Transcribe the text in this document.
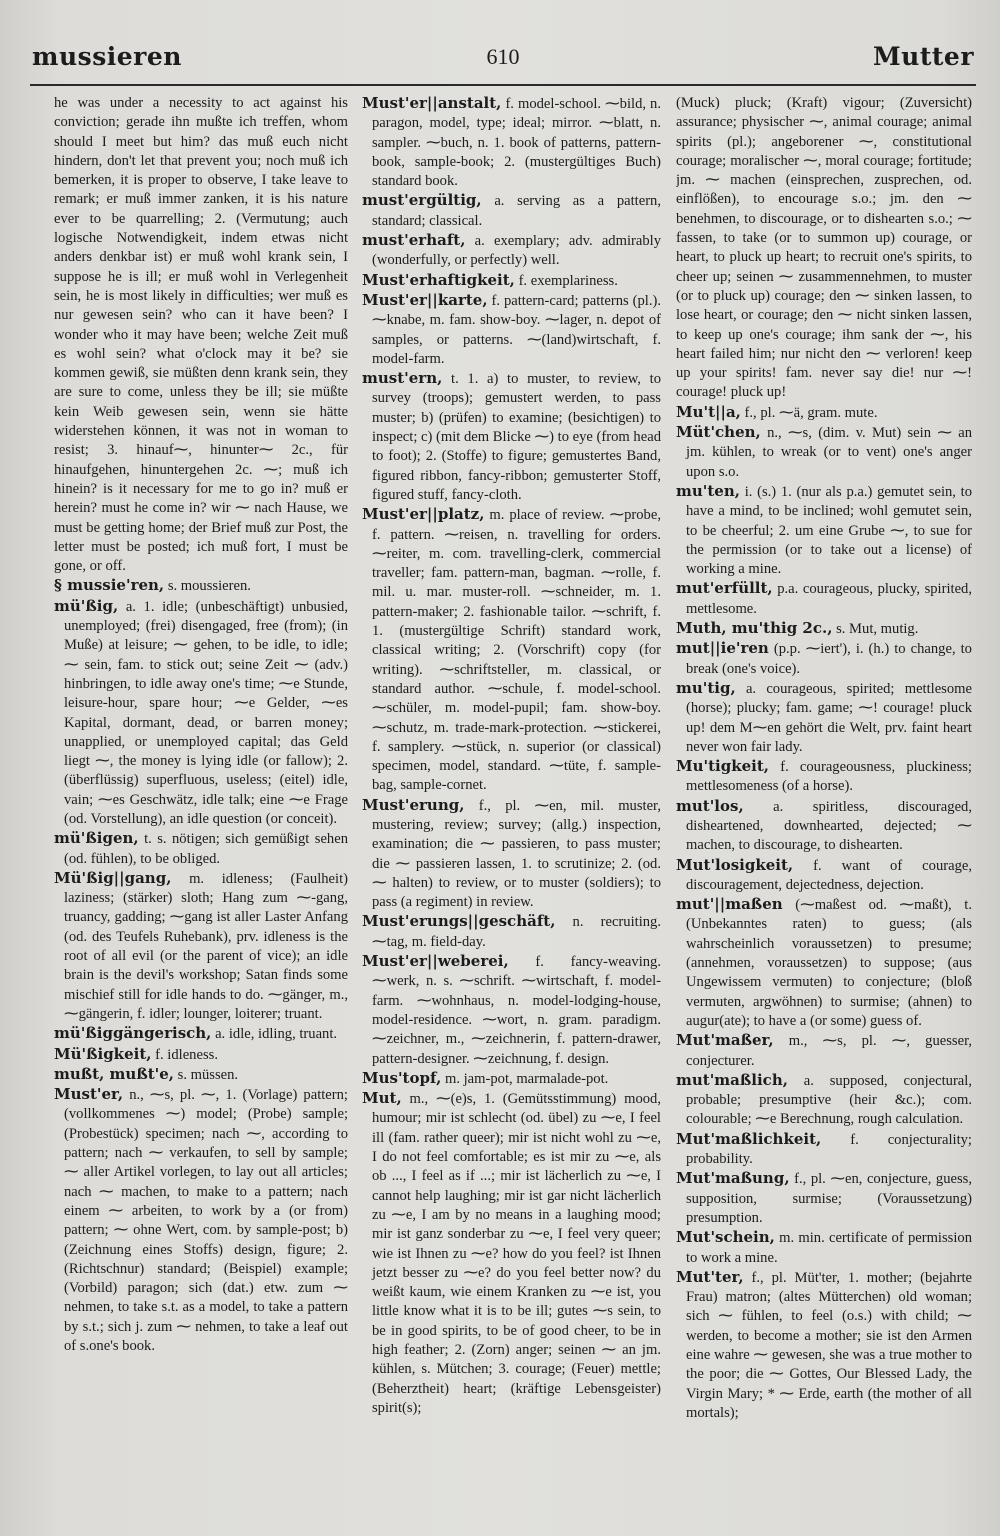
mussieren	610	Mutter

he was under a necessity to act against his conviction; gerade ihn mußte ich treffen, whom should I meet but him? das muß euch nicht hindern, don't let that prevent you; noch muß ich bemerken, it is proper to observe, I take leave to remark; er muß immer zanken, it is his nature ever to be quarrelling; 2. (Vermutung; auch logische Notwendigkeit, indem etwas nicht anders denkbar ist) er muß wohl krank sein, I suppose he is ill; er muß wohl in Verlegenheit sein, he is most likely in difficulties; wer muß es nur gewesen sein? who can it have been? I wonder who it may have been; welche Zeit muß es wohl sein? what o'clock may it be? sie kommen gewiß, sie müßten denn krank sein, they are sure to come, unless they be ill; sie müßte kein Weib gewesen sein, wenn sie hätte widerstehen können, it was not in woman to resist; 3. hinauf⁓, hinunter⁓ 2c., für hinaufgehen, hinuntergehen 2c. ⁓; muß ich hinein? is it necessary for me to go in? muß er herein? must he come in? wir ⁓ nach Hause, we must be getting home; der Brief muß zur Post, the letter must be posted; ich muß fort, I must be gone, or off.

§ mussie'ren, s. moussieren.

mü'ßig, a. 1. idle; (unbeschäftigt) unbusied, unemployed; (frei) disengaged, free (from); (in Muße) at leisure; ⁓ gehen, to be idle, to idle; ⁓ sein, fam. to stick out; seine Zeit ⁓ (adv.) hinbringen, to idle away one's time; ⁓e Stunde, leisure-hour, spare hour; ⁓e Gelder, ⁓es Kapital, dormant, dead, or barren money; unapplied, or unemployed capital; das Geld liegt ⁓, the money is lying idle (or fallow); 2. (überflüssig) superfluous, useless; (eitel) idle, vain; ⁓es Geschwätz, idle talk; eine ⁓e Frage (od. Vorstellung), an idle question (or conceit).

mü'ßigen, t. s. nötigen; sich gemüßigt sehen (od. fühlen), to be obliged.

Mü'ßig||gang, m. idleness; (Faulheit) laziness; (stärker) sloth; Hang zum ⁓-gang, truancy, gadding; ⁓gang ist aller Laster Anfang (od. des Teufels Ruhebank), prv. idleness is the root of all evil (or the parent of vice); an idle brain is the devil's workshop; Satan finds some mischief still for idle hands to do. ⁓gänger, m., ⁓gängerin, f. idler; lounger, loiterer; truant.

mü'ßiggängerisch, a. idle, idling, truant.

Mü'ßigkeit, f. idleness.

mußt, mußt'e, s. müssen.

Must'er, n., ⁓s, pl. ⁓, 1. (Vorlage) pattern; (vollkommenes ⁓) model; (Probe) sample; (Probestück) specimen; nach ⁓, according to pattern; nach ⁓ verkaufen, to sell by sample; ⁓ aller Artikel vorlegen, to lay out all articles; nach ⁓ machen, to make to a pattern; nach einem ⁓ arbeiten, to work by a (or from) pattern; ⁓ ohne Wert, com. by sample-post; b) (Zeichnung eines Stoffs) design, figure; 2. (Richtschnur) standard; (Beispiel) example; (Vorbild) paragon; sich (dat.) etw. zum ⁓ nehmen, to take s.t. as a model, to take a pattern by s.t.; sich j. zum ⁓ nehmen, to take a leaf out of s.one's book.

Must'er||anstalt, f. model-school. ⁓bild, n. paragon, model, type; ideal; mirror. ⁓blatt, n. sampler. ⁓buch, n. 1. book of patterns, pattern-book, sample-book; 2. (mustergültiges Buch) standard book.

must'ergültig, a. serving as a pattern, standard; classical.

must'erhaft, a. exemplary; adv. admirably (wonderfully, or perfectly) well.

Must'erhaftigkeit, f. exemplariness.

Must'er||karte, f. pattern-card; patterns (pl.). ⁓knabe, m. fam. show-boy. ⁓lager, n. depot of samples, or patterns. ⁓(land)wirtschaft, f. model-farm.

must'ern, t. 1. a) to muster, to review, to survey (troops); gemustert werden, to pass muster; b) (prüfen) to examine; (besichtigen) to inspect; c) (mit dem Blicke ⁓) to eye (from head to foot); 2. (Stoffe) to figure; gemustertes Band, figured ribbon, fancy-ribbon; gemusterter Stoff, figured stuff, fancy-cloth.

Must'er||platz, m. place of review. ⁓probe, f. pattern. ⁓reisen, n. travelling for orders. ⁓reiter, m. com. travelling-clerk, commercial traveller; fam. pattern-man, bagman. ⁓rolle, f. mil. u. mar. muster-roll. ⁓schneider, m. 1. pattern-maker; 2. fashionable tailor. ⁓schrift, f. 1. (mustergültige Schrift) standard work, classical writing; 2. (Vorschrift) copy (for writing). ⁓schriftsteller, m. classical, or standard author. ⁓schule, f. model-school. ⁓schüler, m. model-pupil; fam. show-boy. ⁓schutz, m. trade-mark-protection. ⁓stickerei, f. samplery. ⁓stück, n. superior (or classical) specimen, model, standard. ⁓tüte, f. sample-bag, sample-cornet.

Must'erung, f., pl. ⁓en, mil. muster, mustering, review; survey; (allg.) inspection, examination; die ⁓ passieren, to pass muster; die ⁓ passieren lassen, 1. to scrutinize; 2. (od. ⁓ halten) to review, or to muster (soldiers); to pass (a regiment) in review.

Must'erungs||geschäft, n. recruiting. ⁓tag, m. field-day.

Must'er||weberei, f. fancy-weaving. ⁓werk, n. s. ⁓schrift. ⁓wirtschaft, f. model-farm. ⁓wohnhaus, n. model-lodging-house, model-residence. ⁓wort, n. gram. paradigm. ⁓zeichner, m., ⁓zeichnerin, f. pattern-drawer, pattern-designer. ⁓zeichnung, f. design.

Mus'topf, m. jam-pot, marmalade-pot.

Mut, m., ⁓(e)s, 1. (Gemütsstimmung) mood, humour; mir ist schlecht (od. übel) zu ⁓e, I feel ill (fam. rather queer); mir ist nicht wohl zu ⁓e, I do not feel comfortable; es ist mir zu ⁓e, als ob ..., I feel as if ...; mir ist lächerlich zu ⁓e, I cannot help laughing; mir ist gar nicht lächerlich zu ⁓e, I am by no means in a laughing mood; mir ist ganz sonderbar zu ⁓e, I feel very queer; wie ist Ihnen zu ⁓e? how do you feel? ist Ihnen jetzt besser zu ⁓e? do you feel better now? du weißt kaum, wie einem Kranken zu ⁓e ist, you little know what it is to be ill; gutes ⁓s sein, to be in good spirits, to be of good cheer, to be in high feather; 2. (Zorn) anger; seinen ⁓ an jm. kühlen, s. Mütchen; 3. courage; (Feuer) mettle; (Beherztheit) heart; (kräftige Lebensgeister) spirit(s);

(Muck) pluck; (Kraft) vigour; (Zuversicht) assurance; physischer ⁓, animal courage; animal spirits (pl.); angeborener ⁓, constitutional courage; moralischer ⁓, moral courage; fortitude; jm. ⁓ machen (einsprechen, zusprechen, od. einflößen), to encourage s.o.; jm. den ⁓ benehmen, to discourage, or to dishearten s.o.; ⁓ fassen, to take (or to summon up) courage, or heart, to pluck up heart; to recruit one's spirits, to cheer up; seinen ⁓ zusammennehmen, to muster (or to pluck up) courage; den ⁓ sinken lassen, to lose heart, or courage; den ⁓ nicht sinken lassen, to keep up one's courage; ihm sank der ⁓, his heart failed him; nur nicht den ⁓ verloren! keep up your spirits! fam. never say die! nur ⁓! courage! pluck up!

Mu't||a, f., pl. ⁓ä, gram. mute.

Müt'chen, n., ⁓s, (dim. v. Mut) sein ⁓ an jm. kühlen, to wreak (or to vent) one's anger upon s.o.

mu'ten, i. (s.) 1. (nur als p.a.) gemutet sein, to have a mind, to be inclined; wohl gemutet sein, to be cheerful; 2. um eine Grube ⁓, to sue for the permission (or to take out a license) of working a mine.

mut'erfüllt, p.a. courageous, plucky, spirited, mettlesome.

Muth, mu'thig 2c., s. Mut, mutig.

mut||ie'ren (p.p. ⁓iert'), i. (h.) to change, to break (one's voice).

mu'tig, a. courageous, spirited; mettlesome (horse); plucky; fam. game; ⁓! courage! pluck up! dem M⁓en gehört die Welt, prv. faint heart never won fair lady.

Mu'tigkeit, f. courageousness, pluckiness; mettlesomeness (of a horse).

mut'los, a. spiritless, discouraged, disheartened, downhearted, dejected; ⁓ machen, to discourage, to dishearten.

Mut'losigkeit, f. want of courage, discouragement, dejectedness, dejection.

mut'||maßen (⁓maßest od. ⁓maßt), t. (Unbekanntes raten) to guess; (als wahrscheinlich voraussetzen) to presume; (annehmen, voraussetzen) to suppose; (aus Ungewissem vermuten) to conjecture; (bloß vermuten, argwöhnen) to surmise; (ahnen) to augur(ate); to have a (or some) guess of.

Mut'maßer, m., ⁓s, pl. ⁓, guesser, conjecturer.

mut'maßlich, a. supposed, conjectural, probable; presumptive (heir &c.); com. colourable; ⁓e Berechnung, rough calculation.

Mut'maßlichkeit, f. conjecturality; probability.

Mut'maßung, f., pl. ⁓en, conjecture, guess, supposition, surmise; (Voraussetzung) presumption.

Mut'schein, m. min. certificate of permission to work a mine.

Mut'ter, f., pl. Müt'ter, 1. mother; (bejahrte Frau) matron; (altes Mütterchen) old woman; sich ⁓ fühlen, to feel (o.s.) with child; ⁓ werden, to become a mother; sie ist den Armen eine wahre ⁓ gewesen, she was a true mother to the poor; die ⁓ Gottes, Our Blessed Lady, the Virgin Mary; * ⁓ Erde, earth (the mother of all mortals);
